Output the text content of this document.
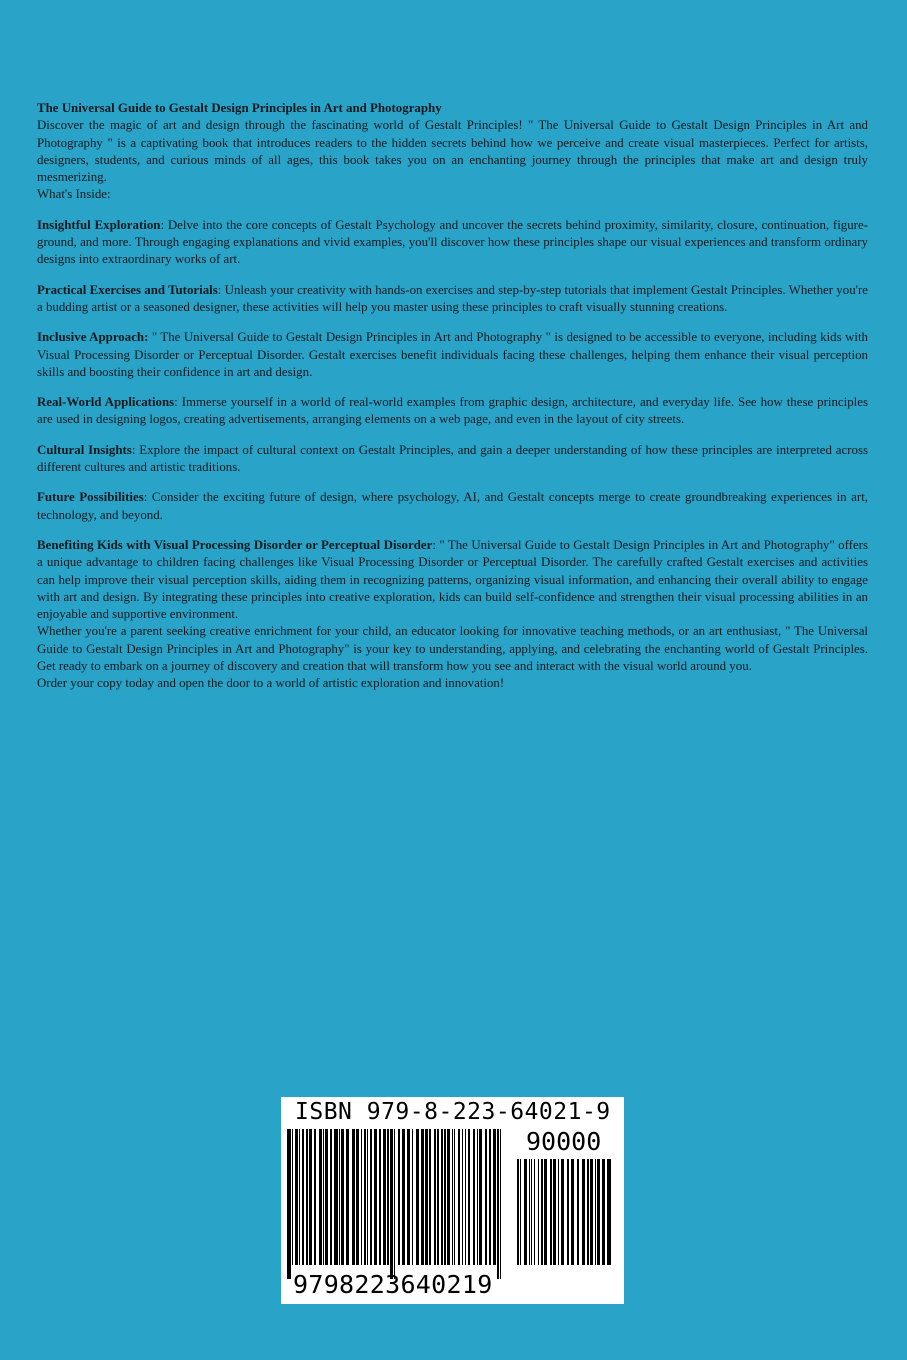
The Universal Guide to Gestalt Design Principles in Art and Photography

Discover the magic of art and design through the fascinating world of Gestalt Principles! " The Universal Guide to Gestalt Design Principles in Art and Photography " is a captivating book that introduces readers to the hidden secrets behind how we perceive and create visual masterpieces. Perfect for artists, designers, students, and curious minds of all ages, this book takes you on an enchanting journey through the principles that make art and design truly mesmerizing.

What's Inside:

Insightful Exploration: Delve into the core concepts of Gestalt Psychology and uncover the secrets behind proximity, similarity, closure, continuation, figure-ground, and more. Through engaging explanations and vivid examples, you'll discover how these principles shape our visual experiences and transform ordinary designs into extraordinary works of art.

Practical Exercises and Tutorials: Unleash your creativity with hands-on exercises and step-by-step tutorials that implement Gestalt Principles. Whether you're a budding artist or a seasoned designer, these activities will help you master using these principles to craft visually stunning creations.

Inclusive Approach: " The Universal Guide to Gestalt Design Principles in Art and Photography " is designed to be accessible to everyone, including kids with Visual Processing Disorder or Perceptual Disorder. Gestalt exercises benefit individuals facing these challenges, helping them enhance their visual perception skills and boosting their confidence in art and design.

Real-World Applications: Immerse yourself in a world of real-world examples from graphic design, architecture, and everyday life. See how these principles are used in designing logos, creating advertisements, arranging elements on a web page, and even in the layout of city streets.

Cultural Insights: Explore the impact of cultural context on Gestalt Principles, and gain a deeper understanding of how these principles are interpreted across different cultures and artistic traditions.

Future Possibilities: Consider the exciting future of design, where psychology, AI, and Gestalt concepts merge to create groundbreaking experiences in art, technology, and beyond.

Benefiting Kids with Visual Processing Disorder or Perceptual Disorder: " The Universal Guide to Gestalt Design Principles in Art and Photography" offers a unique advantage to children facing challenges like Visual Processing Disorder or Perceptual Disorder. The carefully crafted Gestalt exercises and activities can help improve their visual perception skills, aiding them in recognizing patterns, organizing visual information, and enhancing their overall ability to engage with art and design. By integrating these principles into creative exploration, kids can build self-confidence and strengthen their visual processing abilities in an enjoyable and supportive environment.

Whether you're a parent seeking creative enrichment for your child, an educator looking for innovative teaching methods, or an art enthusiast, " The Universal Guide to Gestalt Design Principles in Art and Photography" is your key to understanding, applying, and celebrating the enchanting world of Gestalt Principles. Get ready to embark on a journey of discovery and creation that will transform how you see and interact with the visual world around you.

Order your copy today and open the door to a world of artistic exploration and innovation!

ISBN 979-8-223-64021-9
90000
9798223640219
